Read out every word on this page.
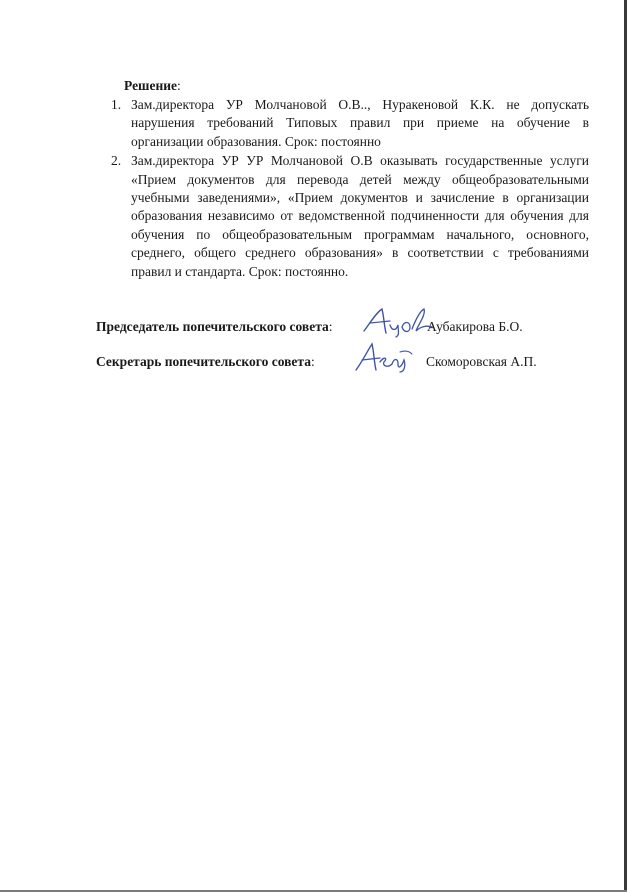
Решение:
1. Зам.директора УР Молчановой О.В.., Нуракеновой К.К. не допускать нарушения требований Типовых правил при приеме на обучение в организации образования. Срок: постоянно
2. Зам.директора УР УР Молчановой О.В оказывать государственные услуги «Прием документов для перевода детей между общеобразовательными учебными заведениями», «Прием документов и зачисление в организации образования независимо от ведомственной подчиненности для обучения для обучения по общеобразовательным программам начального, основного, среднего, общего среднего образования» в соответствии с требованиями правил и стандарта. Срок: постоянно.
Председатель попечительского совета:	Аубакирова Б.О.
Секретарь попечительского совета:	Скоморовская А.П.
